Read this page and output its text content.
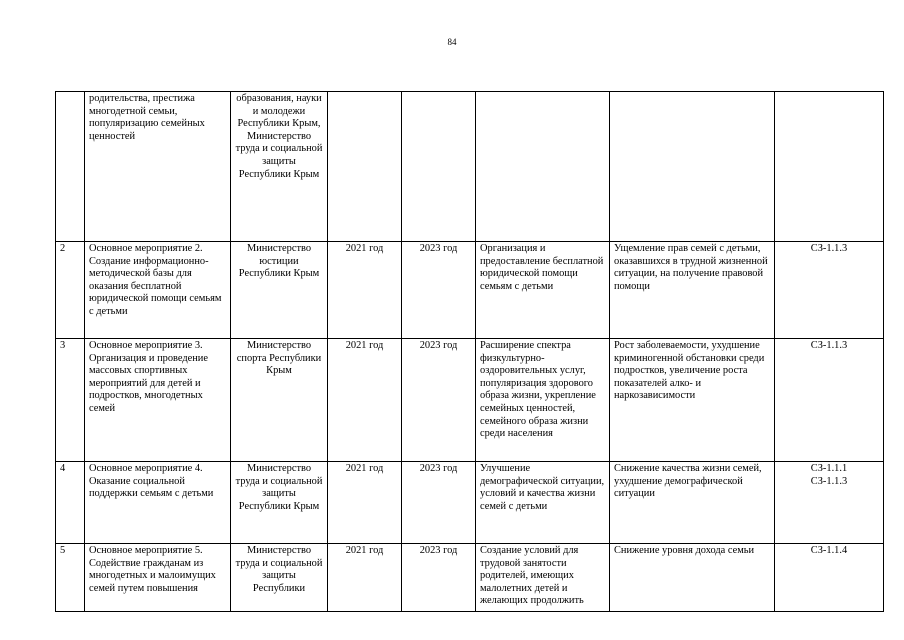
84
	родительства, престижа многодетной семьи, популяризацию семейных ценностей	образования, науки и молодежи Республики Крым, Министерство труда и социальной защиты Республики Крым					
2	Основное мероприятие 2. Создание информационно-методической базы для оказания бесплатной юридической помощи семьям с детьми	Министерство юстиции Республики Крым	2021 год	2023 год	Организация и предоставление бесплатной юридической помощи семьям с детьми	Ущемление прав семей с детьми, оказавшихся в трудной жизненной ситуации, на получение правовой помощи	СЗ-1.1.3

3	Основное мероприятие 3. Организация и проведение массовых спортивных мероприятий для детей и подростков, многодетных семей	Министерство спорта Республики Крым	2021 год	2023 год	Расширение спектра физкультурно-оздоровительных услуг, популяризация здорового образа жизни, укрепление семейных ценностей, семейного образа жизни среди населения	Рост заболеваемости, ухудшение криминогенной обстановки среди подростков, увеличение роста показателей алко- и наркозависимости	СЗ-1.1.3

4	Основное мероприятие 4. Оказание социальной поддержки семьям с детьми	Министерство труда и социальной защиты Республики Крым	2021 год	2023 год	Улучшение демографической ситуации, условий и качества жизни семей с детьми	Снижение качества жизни семей, ухудшение демографической ситуации	СЗ-1.1.1
СЗ-1.1.3

5	Основное мероприятие 5. Содействие гражданам из многодетных и малоимущих семей путем повышения	Министерство труда и социальной защиты Республики	2021 год	2023 год	Создание условий для трудовой занятости родителей, имеющих малолетних детей и желающих продолжить	Снижение уровня дохода семьи	СЗ-1.1.4
